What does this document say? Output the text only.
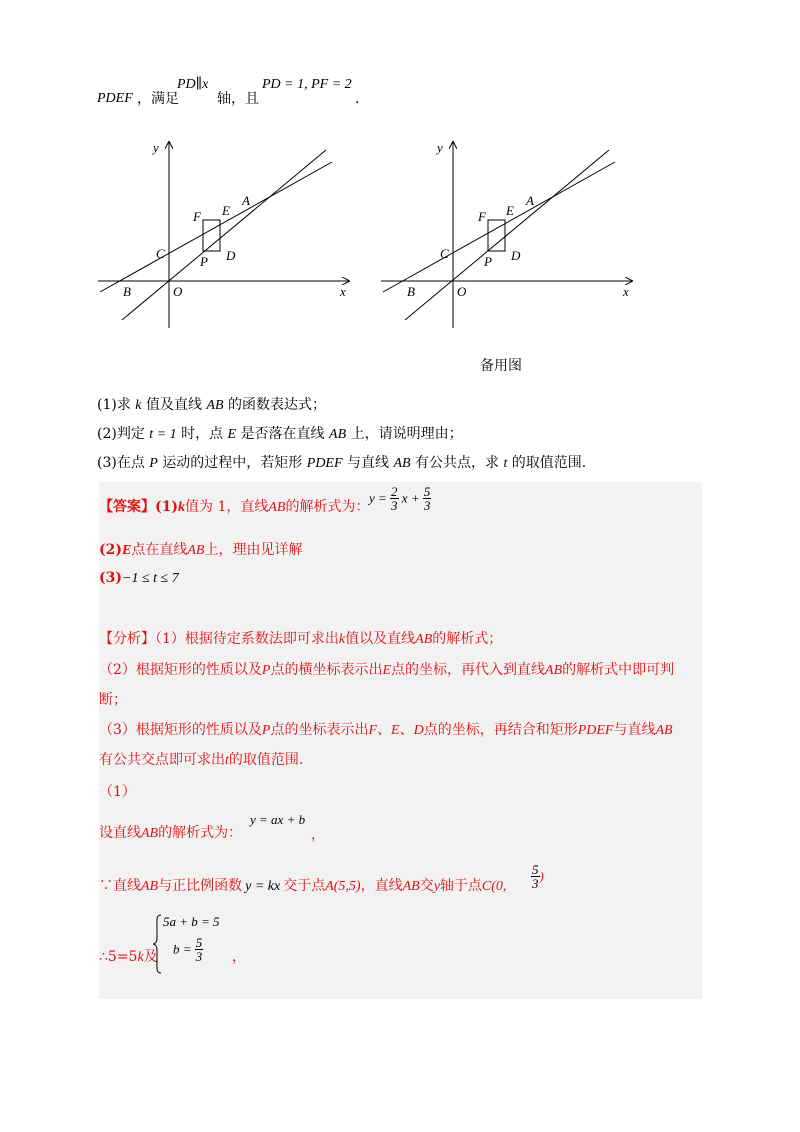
PDEF ，满足
PD∥x
轴，且
PD = 1, PF = 2
.
y
x
A
B
C
O
F E
P D
y
x
A
B
C
O
F E
P D
备用图
(1)求 k 值及直线 AB 的函数表达式；
(2)判定 t = 1 时，点 E 是否落在直线 AB 上，请说明理由；
(3)在点 P 运动的过程中，若矩形 PDEF 与直线 AB 有公共点，求 t 的取值范围.
【答案】(1)k值为 1，直线AB的解析式为：
$y = \frac{2}{3}$ $x + \frac{5}{3}$
(2)E点在直线AB上，理由见详解
(3)−1 ≤ t ≤ 7
【分析】（1）根据待定系数法即可求出k值以及直线AB的解析式；
（2）根据矩形的性质以及P点的横坐标表示出E点的坐标，再代入到直线AB的解析式中即可判
断；
（3）根据矩形的性质以及P点的坐标表示出F、E、D点的坐标，再结合和矩形PDEF与直线AB
有公共交点即可求出t的取值范围.
（1）
设直线AB的解析式为：
y = ax + b
，
∵直线AB与正比例函数 y = kx 交于点A(5,5)，直线AB交y轴于点C(0, $\frac{5}{3}$ )
∴5=5k及
5a + b = 5
$b = \frac{5}{3}$ ，
